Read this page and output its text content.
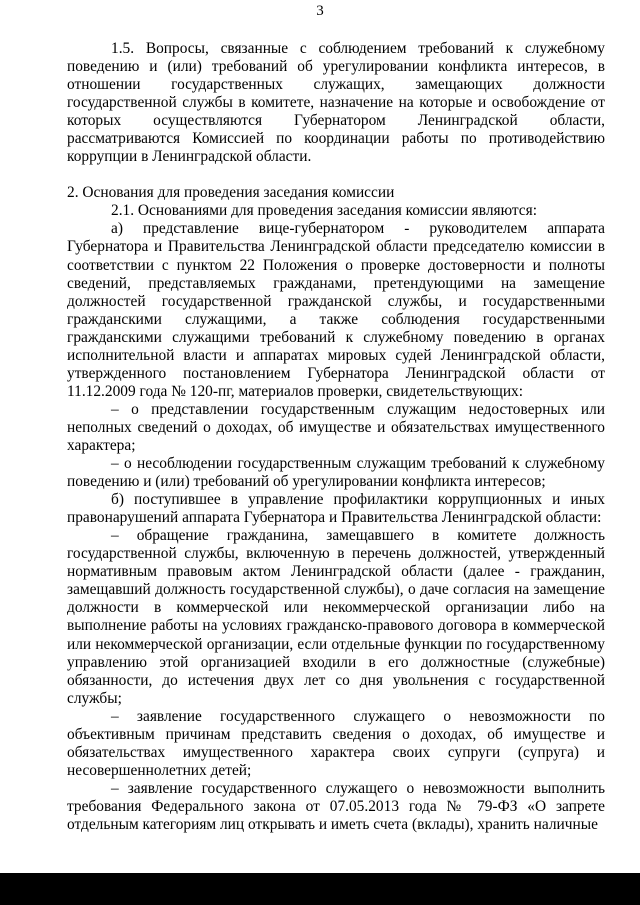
3

1.5. Вопросы, связанные с соблюдением требований к служебному поведению и (или) требований об урегулировании конфликта интересов, в отношении государственных служащих, замещающих должности государственной службы в комитете, назначение на которые и освобождение от которых осуществляются Губернатором Ленинградской области, рассматриваются Комиссией по координации работы по противодействию коррупции в Ленинградской области.

2. Основания для проведения заседания комиссии

2.1. Основаниями для проведения заседания комиссии являются:

а) представление вице-губернатором - руководителем аппарата Губернатора и Правительства Ленинградской области председателю комиссии в соответствии с пунктом 22 Положения о проверке достоверности и полноты сведений, представляемых гражданами, претендующими на замещение должностей государственной гражданской службы, и государственными гражданскими служащими, а также соблюдения государственными гражданскими служащими требований к служебному поведению в органах исполнительной власти и аппаратах мировых судей Ленинградской области, утвержденного постановлением Губернатора Ленинградской области от 11.12.2009 года № 120-пг, материалов проверки, свидетельствующих:

– о представлении государственным служащим недостоверных или неполных сведений о доходах, об имуществе и обязательствах имущественного характера;

– о несоблюдении государственным служащим требований к служебному поведению и (или) требований об урегулировании конфликта интересов;

б) поступившее в управление профилактики коррупционных и иных правонарушений аппарата Губернатора и Правительства Ленинградской области:

– обращение гражданина, замещавшего в комитете должность государственной службы, включенную в перечень должностей, утвержденный нормативным правовым актом Ленинградской области (далее - гражданин, замещавший должность государственной службы), о даче согласия на замещение должности в коммерческой или некоммерческой организации либо на выполнение работы на условиях гражданско-правового договора в коммерческой или некоммерческой организации, если отдельные функции по государственному управлению этой организацией входили в его должностные (служебные) обязанности, до истечения двух лет со дня увольнения с государственной службы;

– заявление государственного служащего о невозможности по объективным причинам представить сведения о доходах, об имуществе и обязательствах имущественного характера своих супруги (супруга) и несовершеннолетних детей;

– заявление государственного служащего о невозможности выполнить требования Федерального закона от 07.05.2013 года № 79-ФЗ «О запрете отдельным категориям лиц открывать и иметь счета (вклады), хранить наличные
